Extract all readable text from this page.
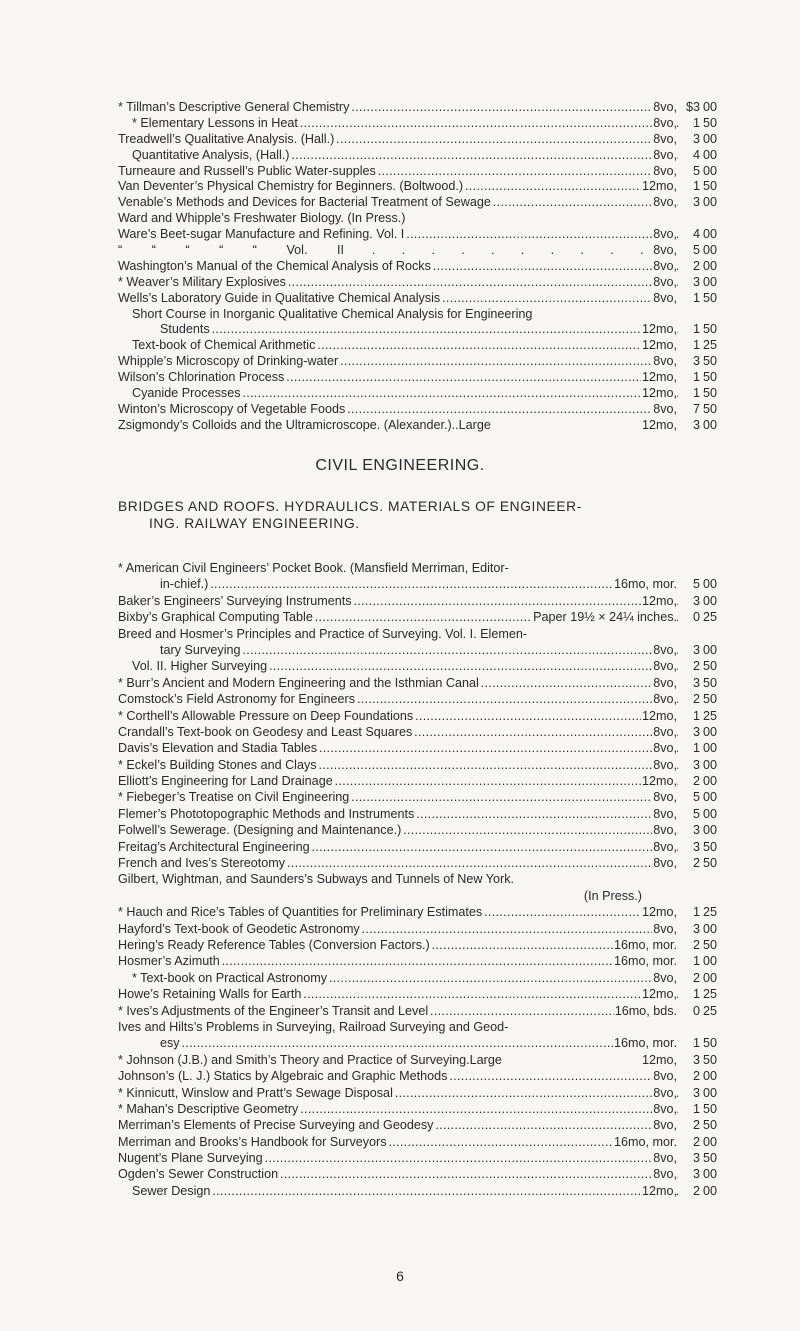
* Tillman’s Descriptive General Chemistry . . .	8vo, $3 00
* Elementary Lessons in Heat . . .	8vo,	1 50
Treadwell’s Qualitative Analysis. (Hall.) . . .	8vo,	3 00
Quantitative Analysis, (Hall.) . . .	8vo,	4 00
Turneaure and Russell’s Public Water-supples . . .	8vo,	5 00
Van Deventer’s Physical Chemistry for Beginners. (Boltwood.) . . .	12mo,	1 50
Venable’s Methods and Devices for Bacterial Treatment of Sewage . . .	8vo,	3 00
Ward and Whipple’s Freshwater Biology. (In Press.)
Ware’s Beet-sugar Manufacture and Refining. Vol. I . . .	8vo,	4 00
“ “ “ “ “ Vol. II . . .	8vo,	5 00
Washington’s Manual of the Chemical Analysis of Rocks . . .	8vo,	2 00
* Weaver’s Military Explosives . . .	8vo,	3 00
Wells’s Laboratory Guide in Qualitative Chemical Analysis . . .	8vo,	1 50
Short Course in Inorganic Qualitative Chemical Analysis for Engineering
Students . . .	12mo,	1 50
Text-book of Chemical Arithmetic . . .	12mo,	1 25
Whipple’s Microscopy of Drinking-water . . .	8vo,	3 50
Wilson’s Chlorination Process . . .	12mo,	1 50
Cyanide Processes . . .	12mo,	1 50
Winton’s Microscopy of Vegetable Foods . . .	8vo,	7 50
Zsigmondy’s Colloids and the Ultramicroscope. (Alexander.)..Large	12mo,	3 00
CIVIL ENGINEERING.
BRIDGES AND ROOFS. HYDRAULICS. MATERIALS OF ENGINEER-
ING. RAILWAY ENGINEERING.
* American Civil Engineers’ Pocket Book. (Mansfield Merriman, Editor-
in-chief.) . . .	16mo, mor.	5 00
Baker’s Engineers’ Surveying Instruments . . .	12mo,	3 00
Bixby’s Graphical Computing Table . . .	Paper 19½ × 24¼ inches.	0 25
Breed and Hosmer’s Principles and Practice of Surveying. Vol. I. Elemen-
tary Surveying . . .	8vo,	3 00
Vol. II. Higher Surveying . . .	8vo,	2 50
* Burr’s Ancient and Modern Engineering and the Isthmian Canal . . .	8vo,	3 50
Comstock’s Field Astronomy for Engineers . . .	8vo,	2 50
* Corthell’s Allowable Pressure on Deep Foundations . . .	12mo,	1 25
Crandall’s Text-book on Geodesy and Least Squares . . .	8vo,	3 00
Davis’s Elevation and Stadia Tables . . .	8vo,	1 00
* Eckel’s Building Stones and Clays . . .	8vo,	3 00
Elliott’s Engineering for Land Drainage . . .	12mo,	2 00
* Fiebeger’s Treatise on Civil Engineering . . .	8vo,	5 00
Flemer’s Phototopographic Methods and Instruments . . .	8vo,	5 00
Folwell’s Sewerage. (Designing and Maintenance.) . . .	8vo,	3 00
Freitag’s Architectural Engineering . . .	8vo,	3 50
French and Ives’s Stereotomy . . .	8vo,	2 50
Gilbert, Wightman, and Saunders’s Subways and Tunnels of New York.
(In Press.)
* Hauch and Rice’s Tables of Quantities for Preliminary Estimates . . .	12mo,	1 25
Hayford’s Text-book of Geodetic Astronomy . . .	8vo,	3 00
Hering’s Ready Reference Tables (Conversion Factors.) . . .	16mo, mor.	2 50
Hosmer’s Azimuth . . .	16mo, mor.	1 00
* Text-book on Practical Astronomy . . .	8vo,	2 00
Howe’s Retaining Walls for Earth . . .	12mo,	1 25
* Ives’s Adjustments of the Engineer’s Transit and Level . . .	16mo, bds.	0 25
Ives and Hilts’s Problems in Surveying, Railroad Surveying and Geod-
esy . . .	16mo, mor.	1 50
* Johnson (J.B.) and Smith’s Theory and Practice of Surveying.Large	12mo,	3 50
Johnson’s (L. J.) Statics by Algebraic and Graphic Methods . . .	8vo,	2 00
* Kinnicutt, Winslow and Pratt’s Sewage Disposal . . .	8vo,	3 00
* Mahan’s Descriptive Geometry . . .	8vo,	1 50
Merriman’s Elements of Precise Surveying and Geodesy . . .	8vo,	2 50
Merriman and Brooks’s Handbook for Surveyors . . .	16mo, mor.	2 00
Nugent’s Plane Surveying . . .	8vo,	3 50
Ogden’s Sewer Construction . . .	8vo,	3 00
Sewer Design . . .	12mo,	2 00
6
